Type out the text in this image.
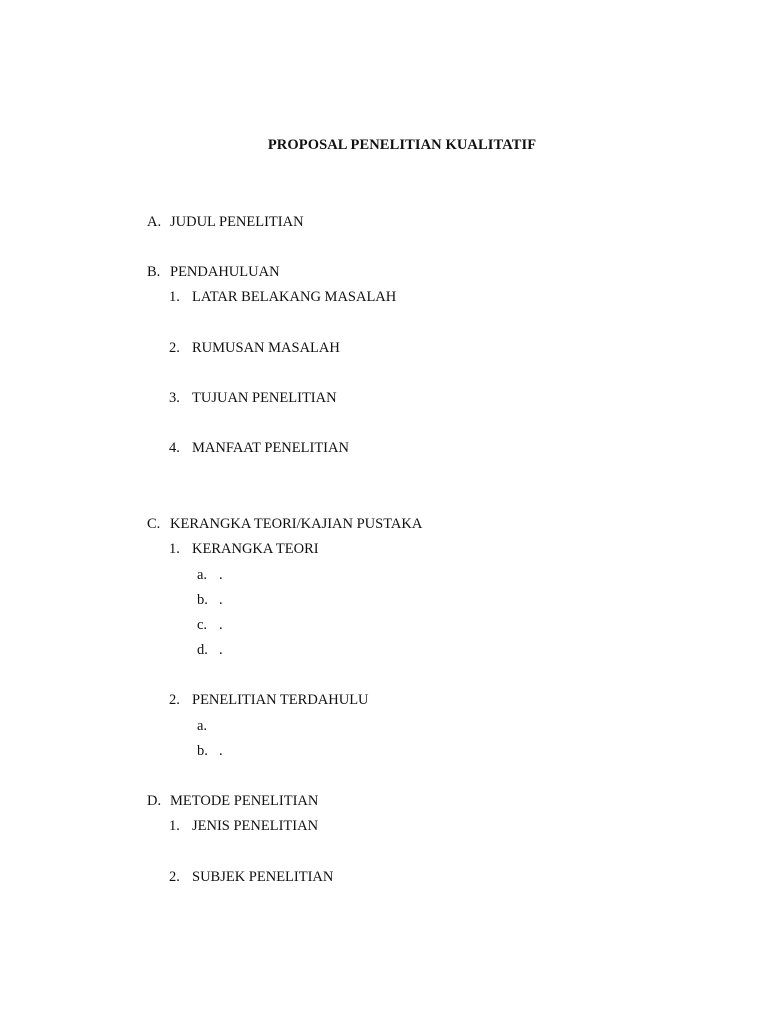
PROPOSAL PENELITIAN KUALITATIF
A. JUDUL PENELITIAN
B. PENDAHULUAN
1. LATAR BELAKANG MASALAH
2. RUMUSAN MASALAH
3. TUJUAN PENELITIAN
4. MANFAAT PENELITIAN
C. KERANGKA TEORI/KAJIAN PUSTAKA
1. KERANGKA TEORI
a. .
b. .
c. .
d. .
2. PENELITIAN TERDAHULU
a.
b. .
D. METODE PENELITIAN
1. JENIS PENELITIAN
2. SUBJEK PENELITIAN
